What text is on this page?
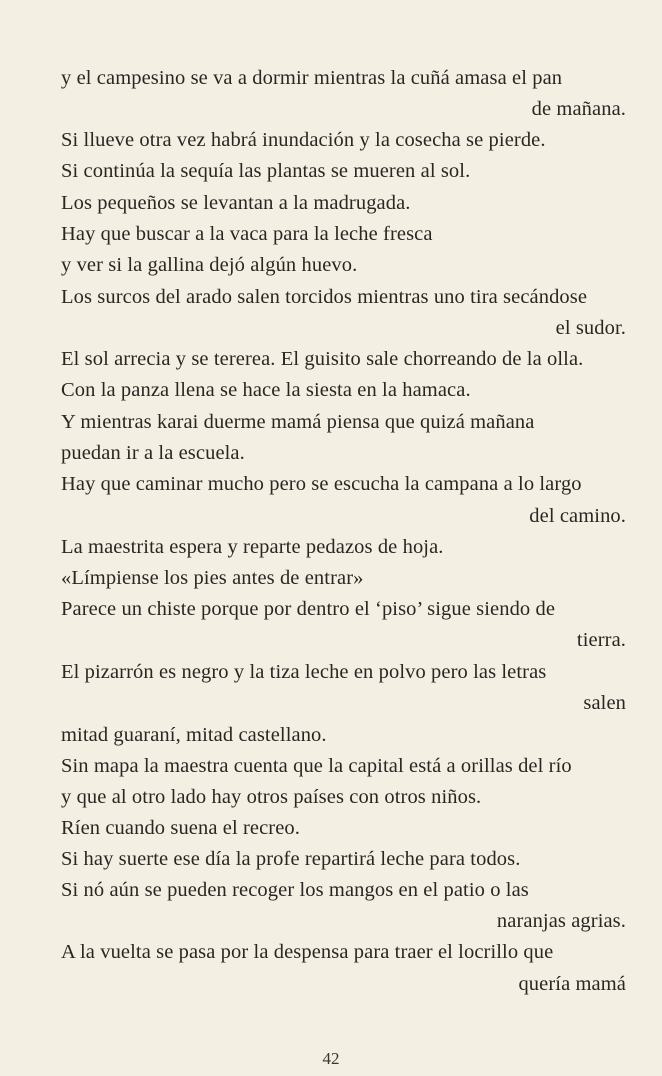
y el campesino se va a dormir mientras la cuñá amasa el pan
de mañana.
Si llueve otra vez habrá inundación y la cosecha se pierde.
Si continúa la sequía las plantas se mueren al sol.
Los pequeños se levantan a la madrugada.
Hay que buscar a la vaca para la leche fresca
y ver si la gallina dejó algún huevo.
Los surcos del arado salen torcidos mientras uno tira secándose
el sudor.
El sol arrecia y se tererea. El guisito sale chorreando de la olla.
Con la panza llena se hace la siesta en la hamaca.
Y mientras karai duerme mamá piensa que quizá mañana
puedan ir a la escuela.
Hay que caminar mucho pero se escucha la campana a lo largo
del camino.
La maestrita espera y reparte pedazos de hoja.
«Límpiense los pies antes de entrar»
Parece un chiste porque por dentro el ‘piso’ sigue siendo de
tierra.
El pizarrón es negro y la tiza leche en polvo pero las letras
salen
mitad guaraní, mitad castellano.
Sin mapa la maestra cuenta que la capital está a orillas del río
y que al otro lado hay otros países con otros niños.
Ríen cuando suena el recreo.
Si hay suerte ese día la profe repartirá leche para todos.
Si nó aún se pueden recoger los mangos en el patio o las
naranjas agrias.
A la vuelta se pasa por la despensa para traer el locrillo que
quería mamá
42
